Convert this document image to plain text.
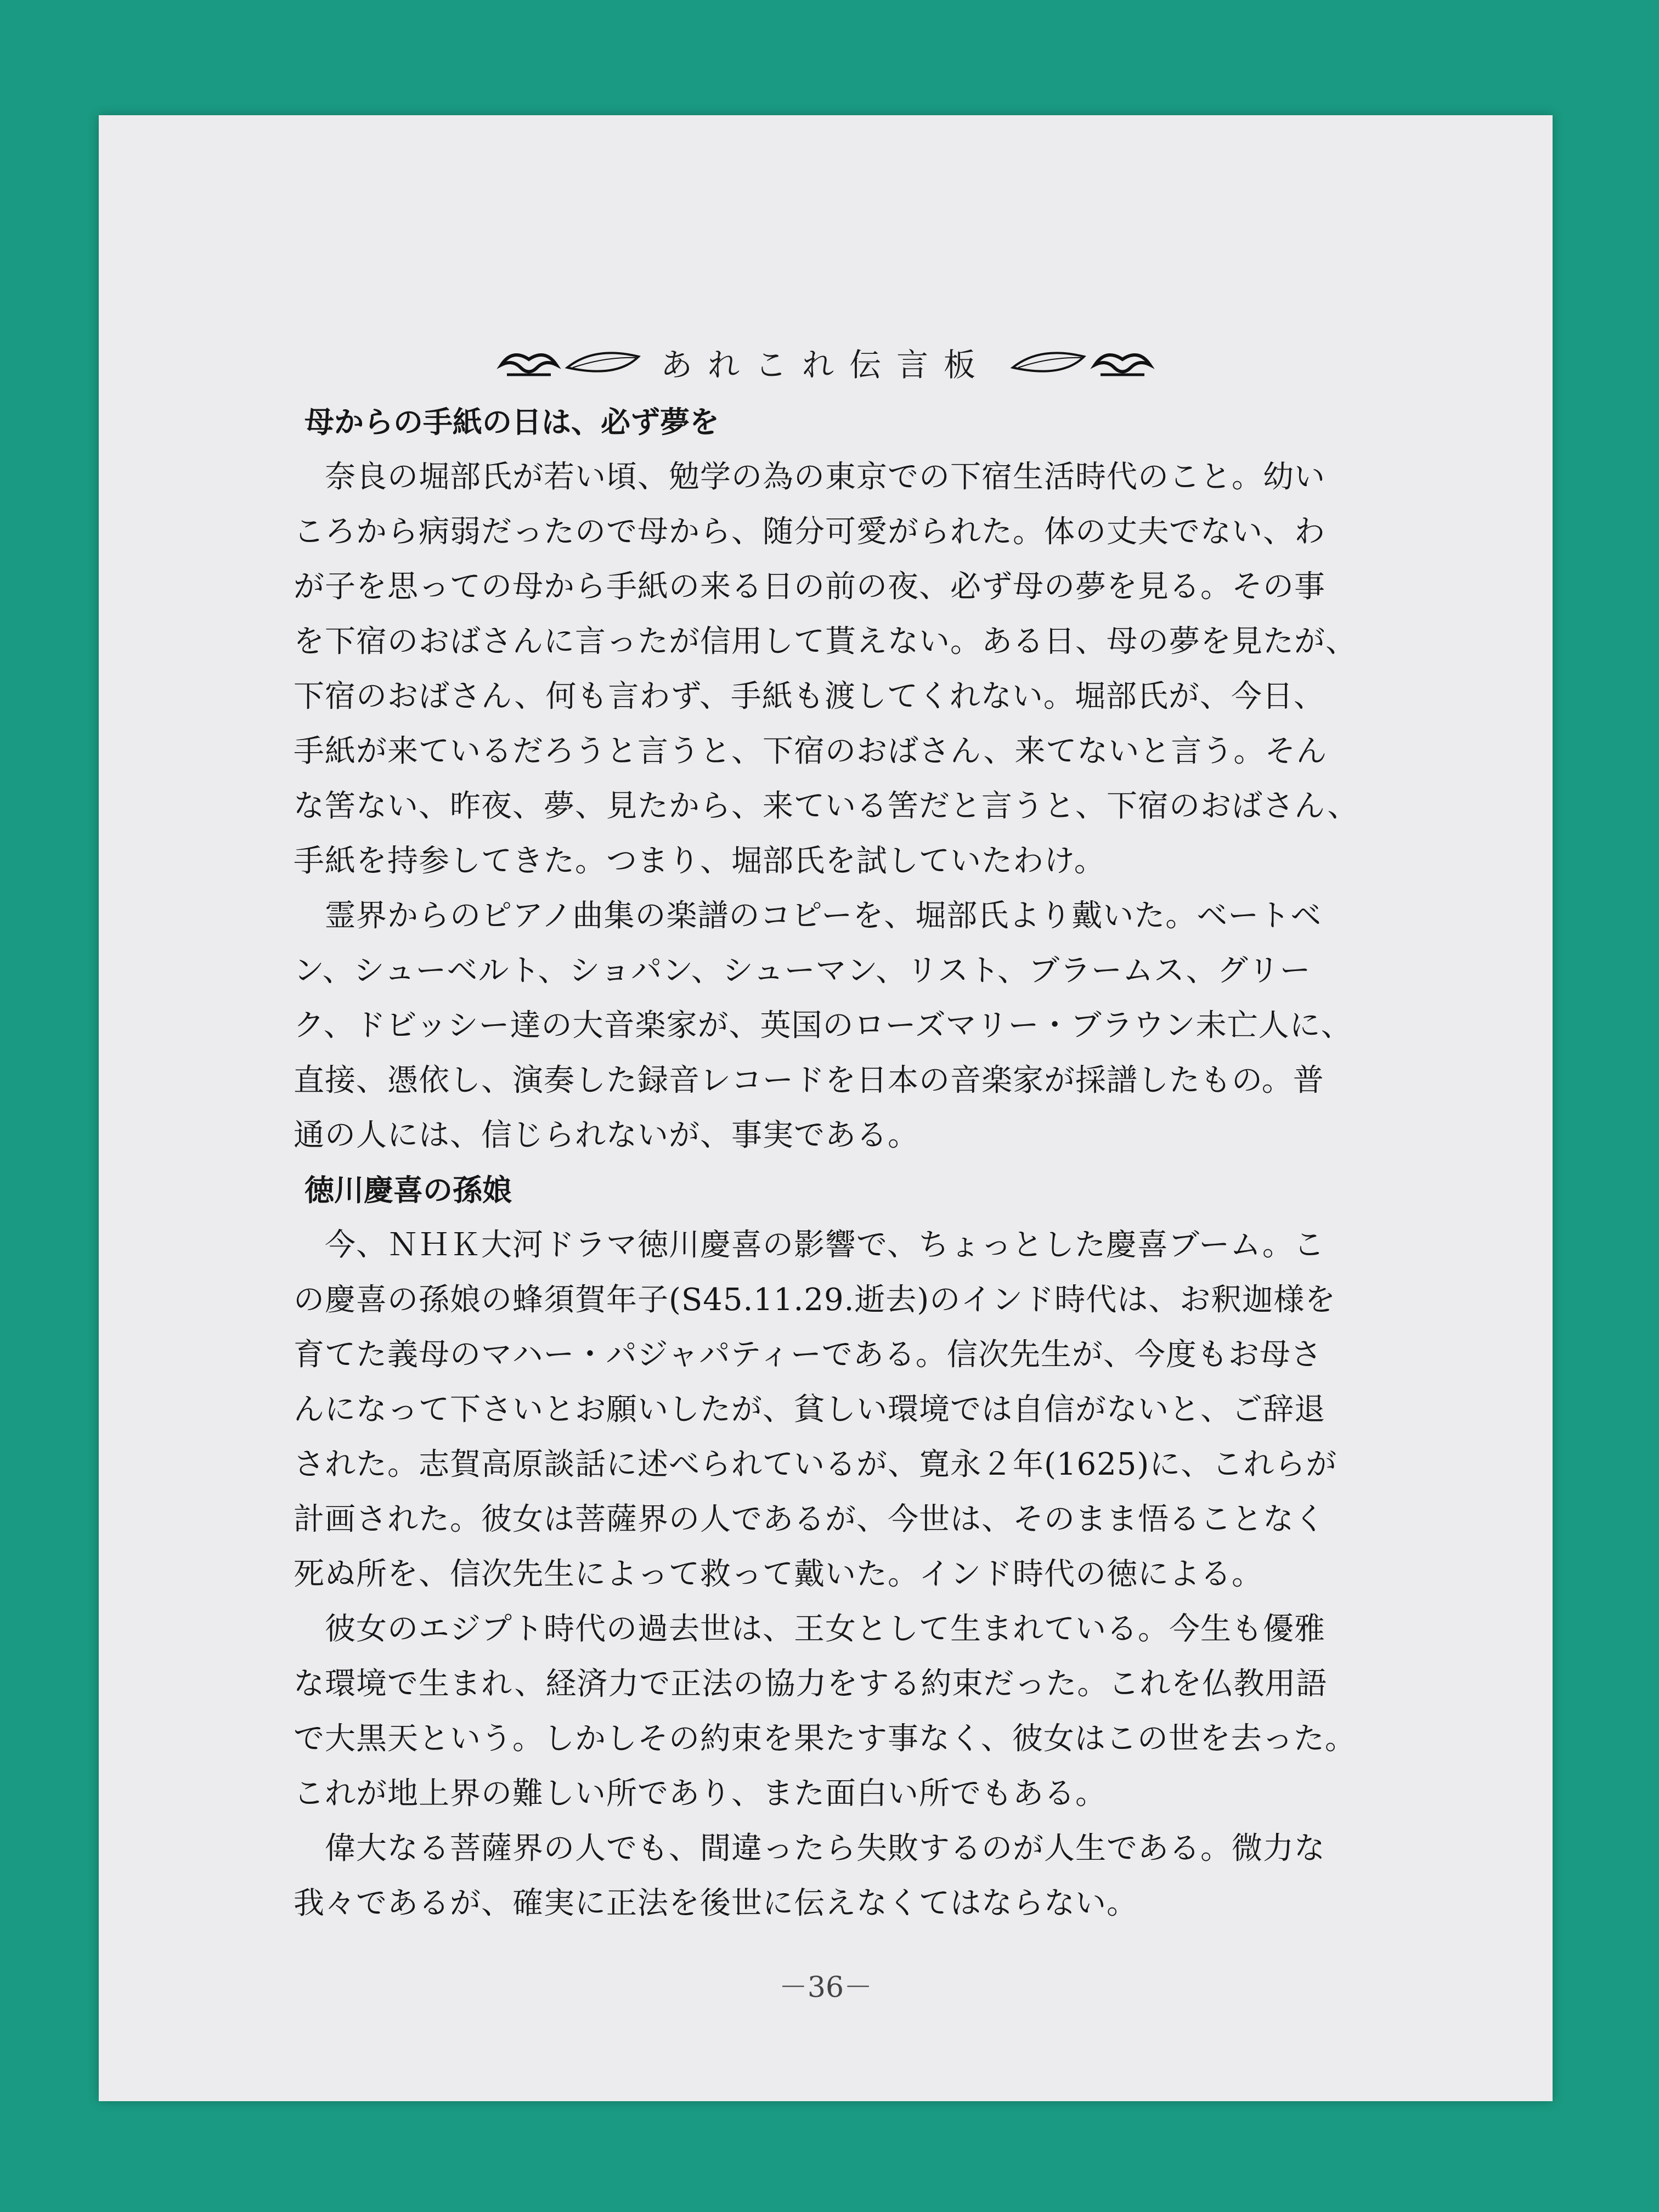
あれこれ伝言板
母からの手紙の日は、必ず夢を
　奈良の堀部氏が若い頃、勉学の為の東京での下宿生活時代のこと。幼い
ころから病弱だったので母から、随分可愛がられた。体の丈夫でない、わ
が子を思っての母から手紙の来る日の前の夜、必ず母の夢を見る。その事
を下宿のおばさんに言ったが信用して貰えない。ある日、母の夢を見たが、
下宿のおばさん、何も言わず、手紙も渡してくれない。堀部氏が、今日、
手紙が来ているだろうと言うと、下宿のおばさん、来てないと言う。そん
な筈ない、昨夜、夢、見たから、来ている筈だと言うと、下宿のおばさん、
手紙を持参してきた。つまり、堀部氏を試していたわけ。
　霊界からのピアノ曲集の楽譜のコピーを、堀部氏より戴いた。ベートベ
ン、シューベルト、ショパン、シューマン、リスト、ブラームス、グリー
ク、ドビッシー達の大音楽家が、英国のローズマリー・ブラウン未亡人に、
直接、憑依し、演奏した録音レコードを日本の音楽家が採譜したもの。普
通の人には、信じられないが、事実である。
徳川慶喜の孫娘
　今、ＮＨＫ大河ドラマ徳川慶喜の影響で、ちょっとした慶喜ブーム。こ
の慶喜の孫娘の蜂須賀年子(S45.11.29.逝去)のインド時代は、お釈迦様を
育てた義母のマハー・パジャパティーである。信次先生が、今度もお母さ
んになって下さいとお願いしたが、貧しい環境では自信がないと、ご辞退
された。志賀高原談話に述べられているが、寛永２年(1625)に、これらが
計画された。彼女は菩薩界の人であるが、今世は、そのまま悟ることなく
死ぬ所を、信次先生によって救って戴いた。インド時代の徳による。
　彼女のエジプト時代の過去世は、王女として生まれている。今生も優雅
な環境で生まれ、経済力で正法の協力をする約束だった。これを仏教用語
で大黒天という。しかしその約束を果たす事なく、彼女はこの世を去った。
これが地上界の難しい所であり、また面白い所でもある。
　偉大なる菩薩界の人でも、間違ったら失敗するのが人生である。微力な
我々であるが、確実に正法を後世に伝えなくてはならない。
－36－
